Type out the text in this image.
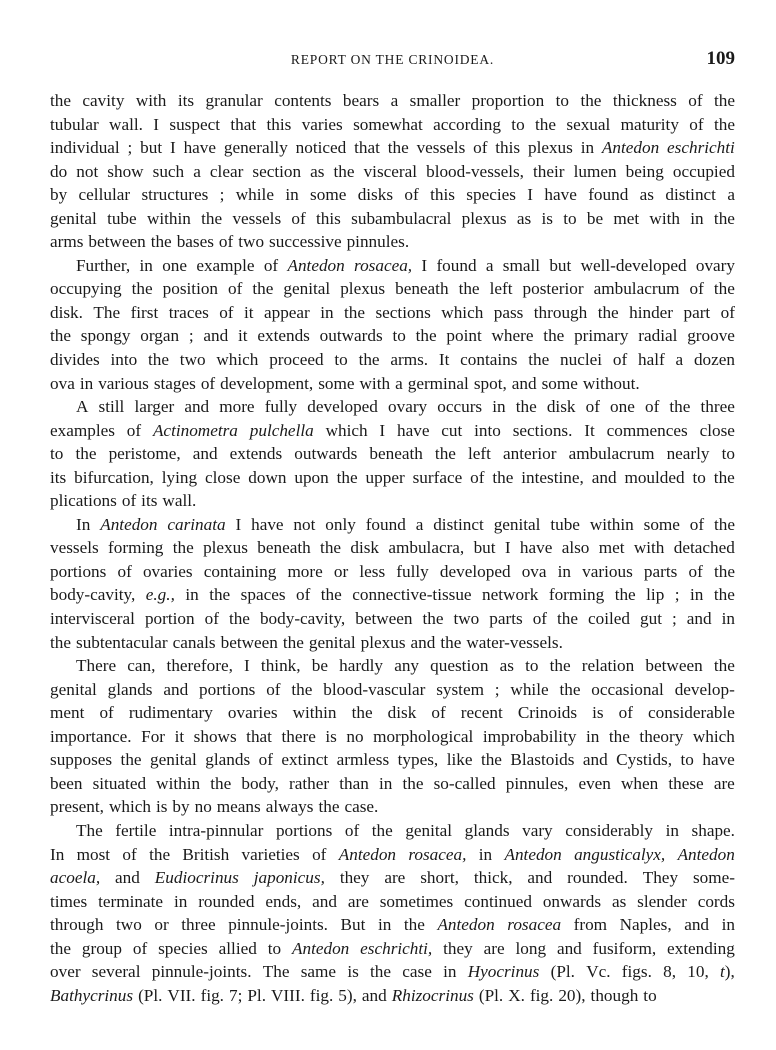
REPORT ON THE CRINOIDEA.	109
the cavity with its granular contents bears a smaller proportion to the thickness of the
tubular wall. I suspect that this varies somewhat according to the sexual maturity of the
individual ; but I have generally noticed that the vessels of this plexus in Antedon eschrichti
do not show such a clear section as the visceral blood-vessels, their lumen being occupied
by cellular structures ; while in some disks of this species I have found as distinct a
genital tube within the vessels of this subambulacral plexus as is to be met with in the
arms between the bases of two successive pinnules.
Further, in one example of Antedon rosacea, I found a small but well-developed ovary
occupying the position of the genital plexus beneath the left posterior ambulacrum of the
disk. The first traces of it appear in the sections which pass through the hinder part of
the spongy organ ; and it extends outwards to the point where the primary radial groove
divides into the two which proceed to the arms. It contains the nuclei of half a dozen
ova in various stages of development, some with a germinal spot, and some without.
A still larger and more fully developed ovary occurs in the disk of one of the three
examples of Actinometra pulchella which I have cut into sections. It commences close
to the peristome, and extends outwards beneath the left anterior ambulacrum nearly to
its bifurcation, lying close down upon the upper surface of the intestine, and moulded to the
plications of its wall.
In Antedon carinata I have not only found a distinct genital tube within some of the
vessels forming the plexus beneath the disk ambulacra, but I have also met with detached
portions of ovaries containing more or less fully developed ova in various parts of the
body-cavity, e.g., in the spaces of the connective-tissue network forming the lip ; in the
intervisceral portion of the body-cavity, between the two parts of the coiled gut ; and in
the subtentacular canals between the genital plexus and the water-vessels.
There can, therefore, I think, be hardly any question as to the relation between the
genital glands and portions of the blood-vascular system ; while the occasional develop-
ment of rudimentary ovaries within the disk of recent Crinoids is of considerable
importance. For it shows that there is no morphological improbability in the theory which
supposes the genital glands of extinct armless types, like the Blastoids and Cystids, to have
been situated within the body, rather than in the so-called pinnules, even when these are
present, which is by no means always the case.
The fertile intra-pinnular portions of the genital glands vary considerably in shape.
In most of the British varieties of Antedon rosacea, in Antedon angusticalyx, Antedon
acoela, and Eudiocrinus japonicus, they are short, thick, and rounded. They some-
times terminate in rounded ends, and are sometimes continued onwards as slender cords
through two or three pinnule-joints. But in the Antedon rosacea from Naples, and in
the group of species allied to Antedon eschrichti, they are long and fusiform, extending
over several pinnule-joints. The same is the case in Hyocrinus (Pl. Vc. figs. 8, 10, t),
Bathycrinus (Pl. VII. fig. 7; Pl. VIII. fig. 5), and Rhizocrinus (Pl. X. fig. 20), though to
